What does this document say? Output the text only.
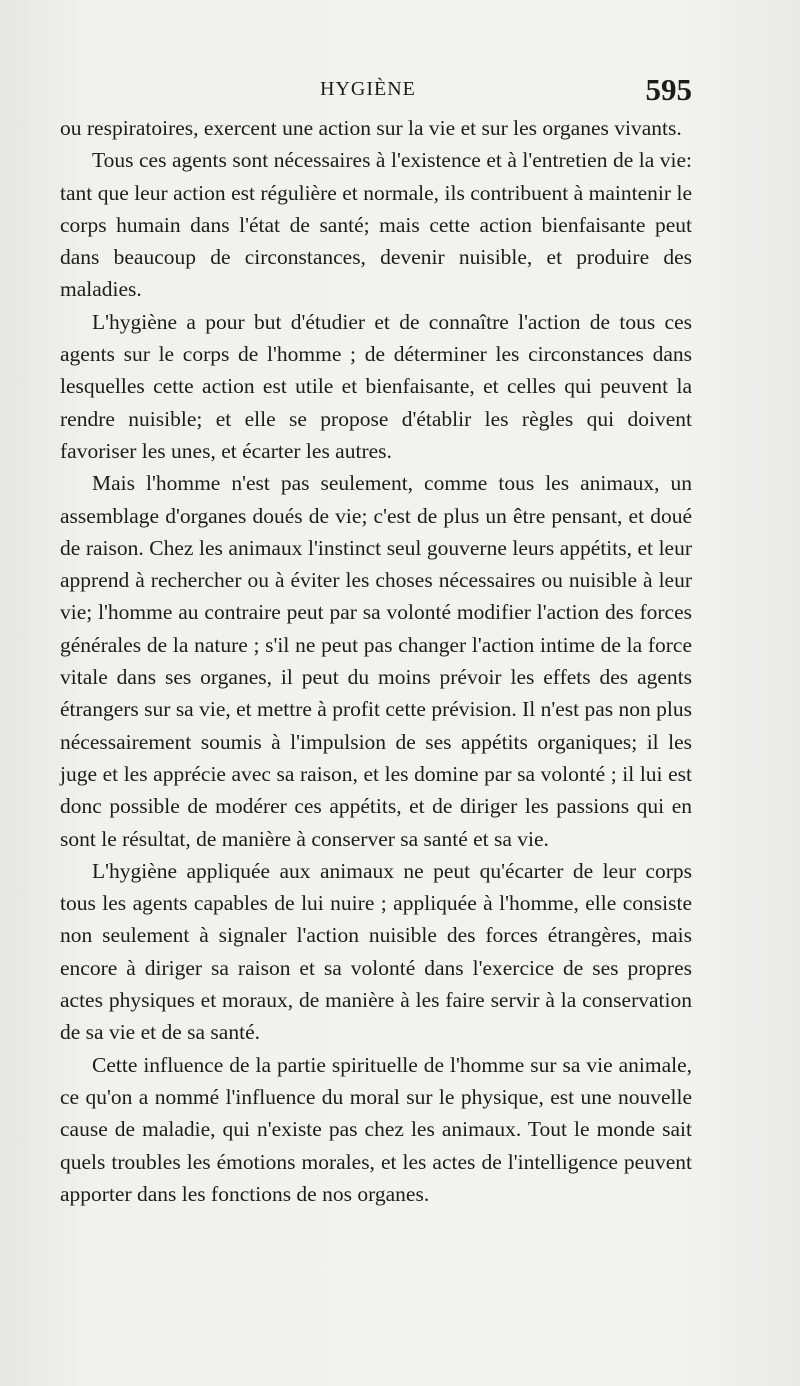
HYGIÈNE	595

ou respiratoires, exercent une action sur la vie et sur les organes vivants.

Tous ces agents sont nécessaires à l'existence et à l'entretien de la vie: tant que leur action est régulière et normale, ils contribuent à maintenir le corps humain dans l'état de santé; mais cette action bienfaisante peut dans beaucoup de circonstances, devenir nuisible, et produire des maladies.

L'hygiène a pour but d'étudier et de connaître l'action de tous ces agents sur le corps de l'homme ; de déterminer les circonstances dans lesquelles cette action est utile et bienfaisante, et celles qui peuvent la rendre nuisible; et elle se propose d'établir les règles qui doivent favoriser les unes, et écarter les autres.

Mais l'homme n'est pas seulement, comme tous les animaux, un assemblage d'organes doués de vie; c'est de plus un être pensant, et doué de raison. Chez les animaux l'instinct seul gouverne leurs appétits, et leur apprend à rechercher ou à éviter les choses nécessaires ou nuisible à leur vie; l'homme au contraire peut par sa volonté modifier l'action des forces générales de la nature ; s'il ne peut pas changer l'action intime de la force vitale dans ses organes, il peut du moins prévoir les effets des agents étrangers sur sa vie, et mettre à profit cette prévision. Il n'est pas non plus nécessairement soumis à l'impulsion de ses appétits organiques; il les juge et les apprécie avec sa raison, et les domine par sa volonté ; il lui est donc possible de modérer ces appétits, et de diriger les passions qui en sont le résultat, de manière à conserver sa santé et sa vie.

L'hygiène appliquée aux animaux ne peut qu'écarter de leur corps tous les agents capables de lui nuire ; appliquée à l'homme, elle consiste non seulement à signaler l'action nuisible des forces étrangères, mais encore à diriger sa raison et sa volonté dans l'exercice de ses propres actes physiques et moraux, de manière à les faire servir à la conservation de sa vie et de sa santé.

Cette influence de la partie spirituelle de l'homme sur sa vie animale, ce qu'on a nommé l'influence du moral sur le physique, est une nouvelle cause de maladie, qui n'existe pas chez les animaux. Tout le monde sait quels troubles les émotions morales, et les actes de l'intelligence peuvent apporter dans les fonctions de nos organes.
